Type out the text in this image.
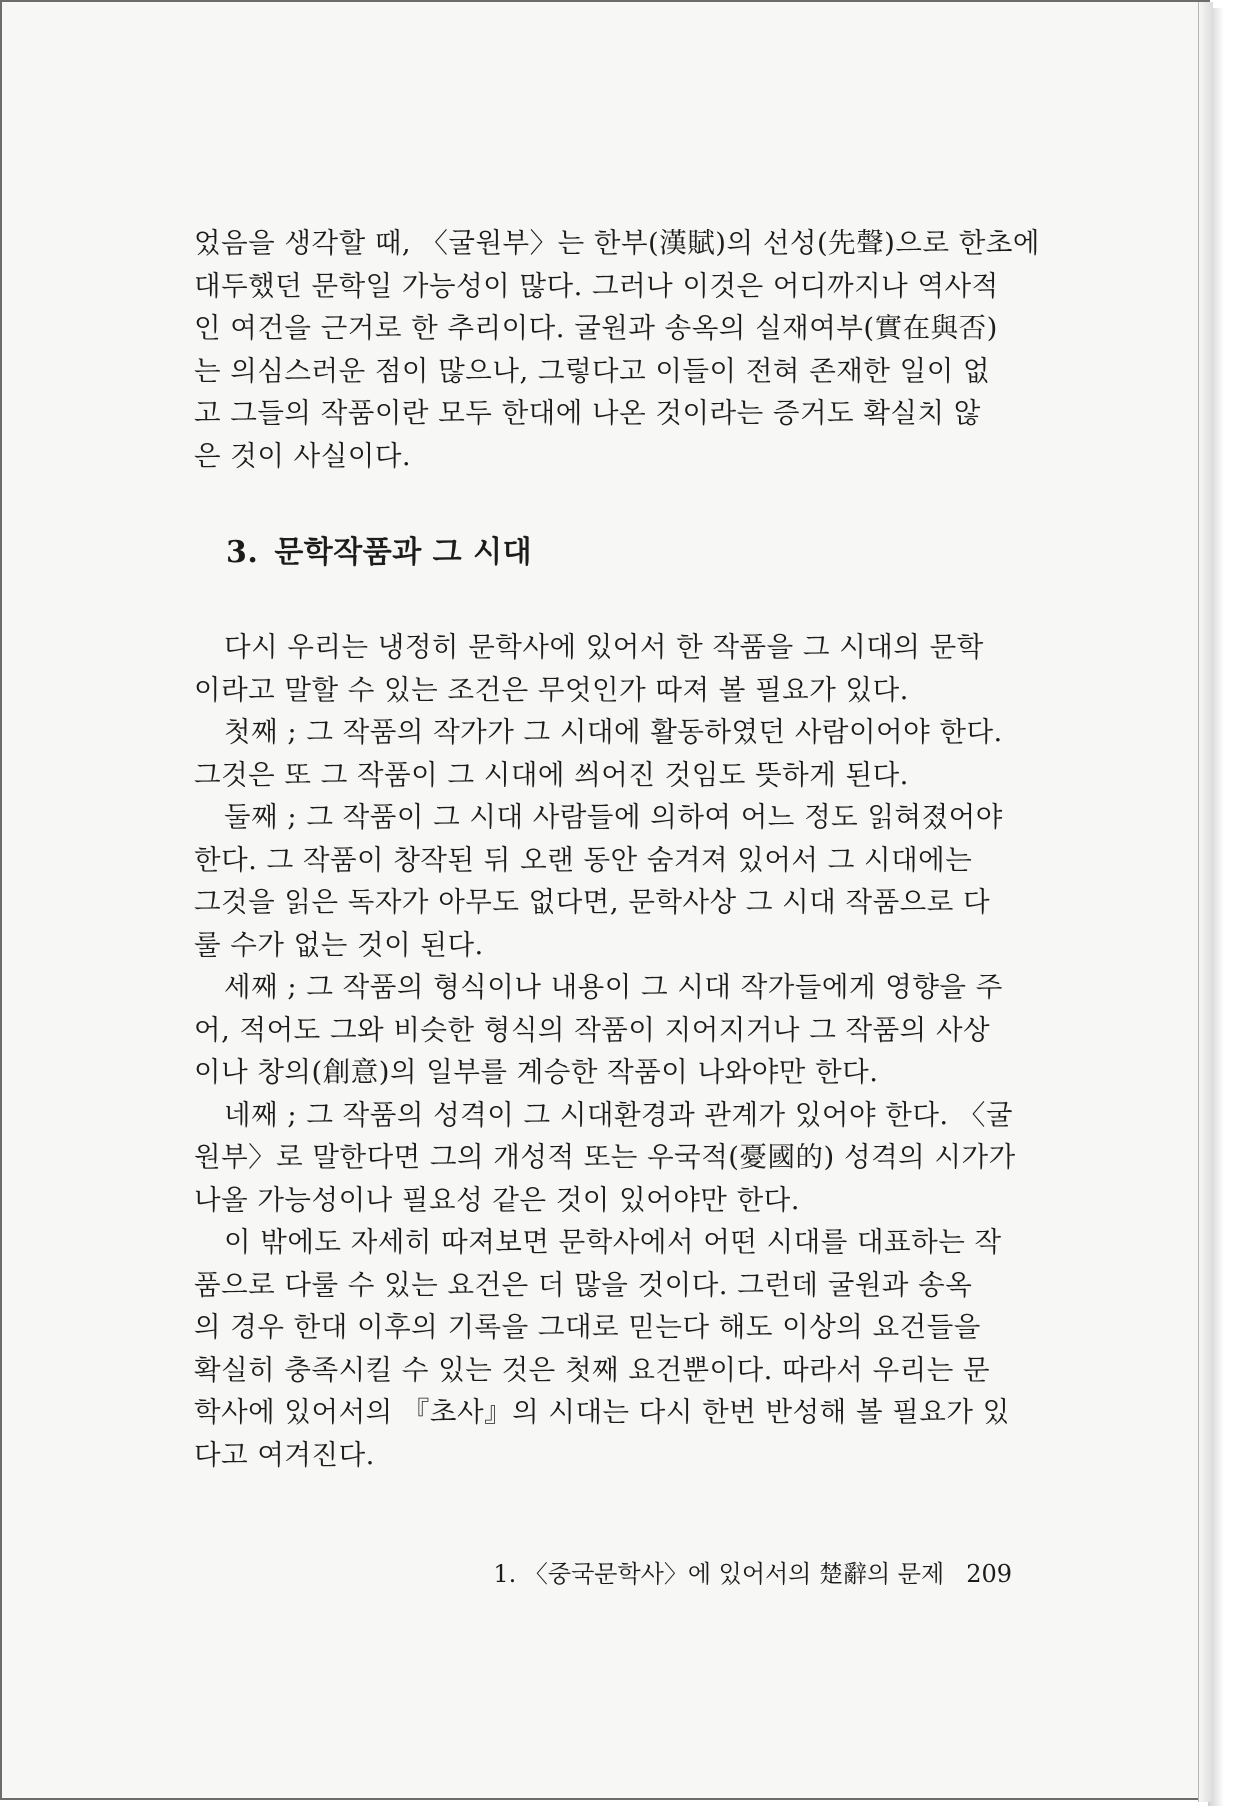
었음을 생각할 때, 〈굴원부〉는 한부(漢賦)의 선성(先聲)으로 한초에
대두했던 문학일 가능성이 많다. 그러나 이것은 어디까지나 역사적
인 여건을 근거로 한 추리이다. 굴원과 송옥의 실재여부(實在與否)
는 의심스러운 점이 많으나, 그렇다고 이들이 전혀 존재한 일이 없
고 그들의 작품이란 모두 한대에 나온 것이라는 증거도 확실치 않
은 것이 사실이다.

3. 문학작품과 그 시대

다시 우리는 냉정히 문학사에 있어서 한 작품을 그 시대의 문학
이라고 말할 수 있는 조건은 무엇인가 따져 볼 필요가 있다.

첫째 ; 그 작품의 작가가 그 시대에 활동하였던 사람이어야 한다.
그것은 또 그 작품이 그 시대에 씌어진 것임도 뜻하게 된다.

둘째 ; 그 작품이 그 시대 사람들에 의하여 어느 정도 읽혀졌어야
한다. 그 작품이 창작된 뒤 오랜 동안 숨겨져 있어서 그 시대에는
그것을 읽은 독자가 아무도 없다면, 문학사상 그 시대 작품으로 다
룰 수가 없는 것이 된다.

세째 ; 그 작품의 형식이나 내용이 그 시대 작가들에게 영향을 주
어, 적어도 그와 비슷한 형식의 작품이 지어지거나 그 작품의 사상
이나 창의(創意)의 일부를 계승한 작품이 나와야만 한다.

네째 ; 그 작품의 성격이 그 시대환경과 관계가 있어야 한다. 〈굴
원부〉로 말한다면 그의 개성적 또는 우국적(憂國的) 성격의 시가가
나올 가능성이나 필요성 같은 것이 있어야만 한다.

이 밖에도 자세히 따져보면 문학사에서 어떤 시대를 대표하는 작
품으로 다룰 수 있는 요건은 더 많을 것이다. 그런데 굴원과 송옥
의 경우 한대 이후의 기록을 그대로 믿는다 해도 이상의 요건들을
확실히 충족시킬 수 있는 것은 첫째 요건뿐이다. 따라서 우리는 문
학사에 있어서의 『초사』의 시대는 다시 한번 반성해 볼 필요가 있
다고 여겨진다.

1. 〈중국문학사〉에 있어서의 楚辭의 문제 209
